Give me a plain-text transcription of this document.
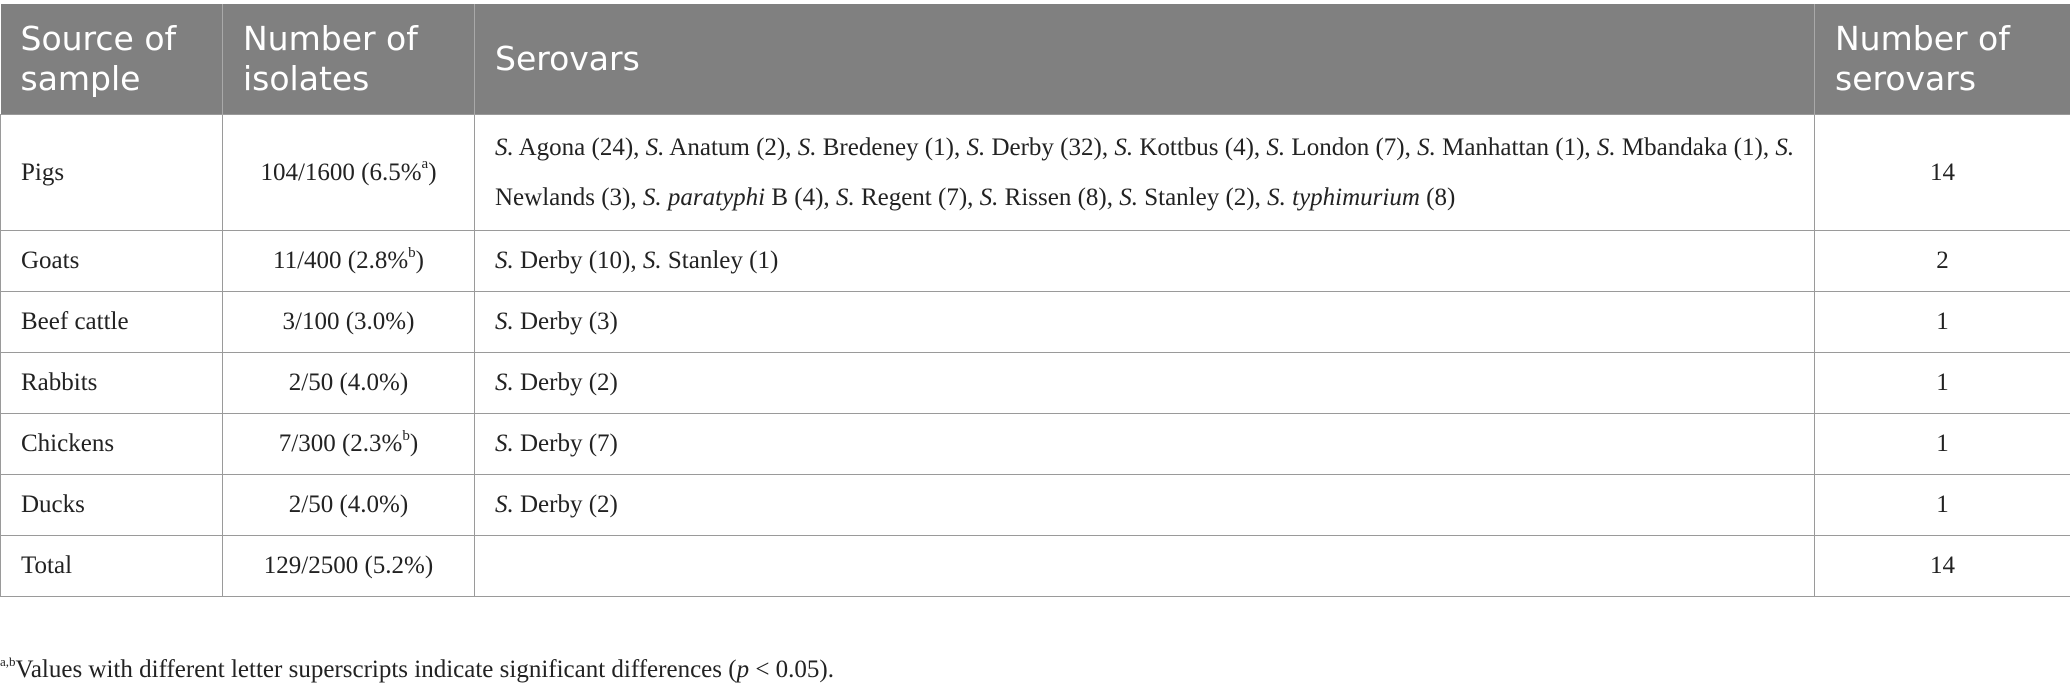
Source of sample	Number of isolates	Serovars	Number of serovars
Pigs	104/1600 (6.5%$^a$)	S. Agona (24), S. Anatum (2), S. Bredeney (1), S. Derby (32), S. Kottbus (4), S. London (7), S. Manhattan (1), S. Mbandaka (1), S. Newlands (3), S. paratyphi B (4), S. Regent (7), S. Rissen (8), S. Stanley (2), S. typhimurium (8)	14
Goats	11/400 (2.8%$^b$)	S. Derby (10), S. Stanley (1)	2
Beef cattle	3/100 (3.0%)	S. Derby (3)	1
Rabbits	2/50 (4.0%)	S. Derby (2)	1
Chickens	7/300 (2.3%$^b$)	S. Derby (7)	1
Ducks	2/50 (4.0%)	S. Derby (2)	1
Total	129/2500 (5.2%)		14
$^{a,b}$Values with different letter superscripts indicate significant differences (p < 0.05).
